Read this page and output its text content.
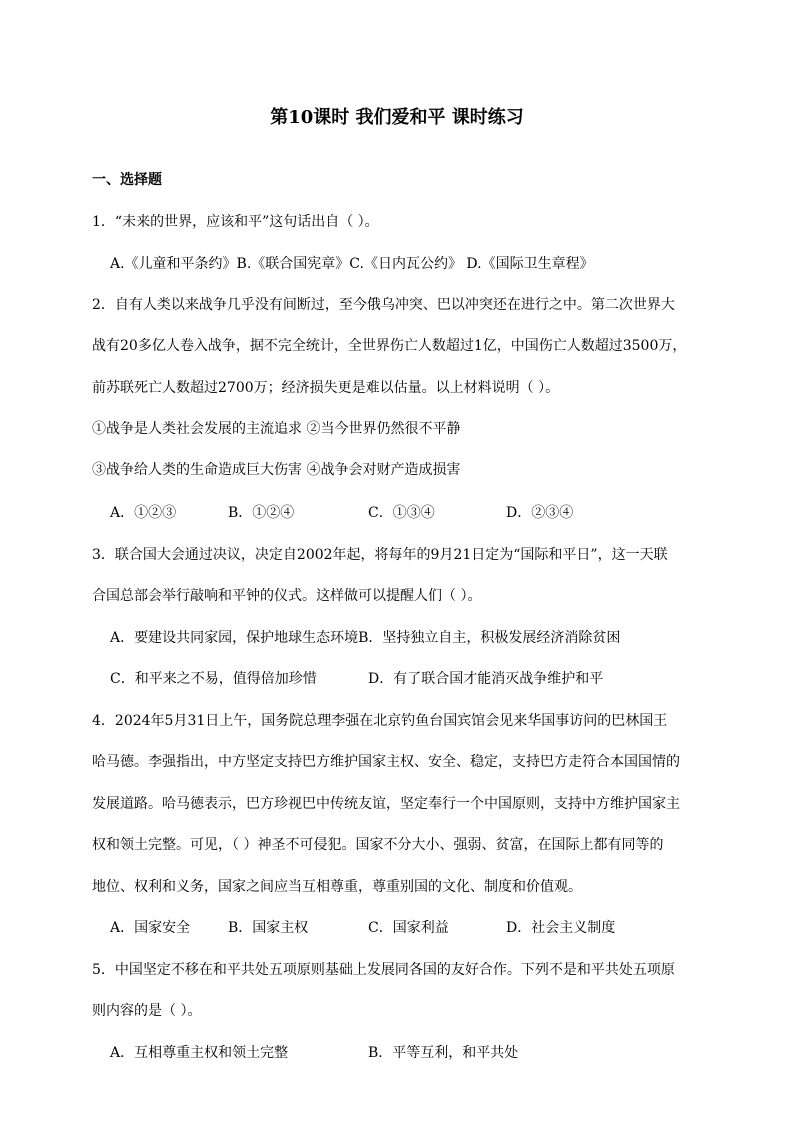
第10课时 我们爱和平 课时练习
一、选择题
1．“未来的世界，应该和平”这句话出自（ ）。
A.《儿童和平条约》B.《联合国宪章》C.《日内瓦公约》 D.《国际卫生章程》
2．自有人类以来战争几乎没有间断过，至今俄乌冲突、巴以冲突还在进行之中。第二次世界大
战有20多亿人卷入战争，据不完全统计，全世界伤亡人数超过1亿，中国伤亡人数超过3500万，
前苏联死亡人数超过2700万；经济损失更是难以估量。以上材料说明（ ）。
①战争是人类社会发展的主流追求 ②当今世界仍然很不平静
③战争给人类的生命造成巨大伤害 ④战争会对财产造成损害
A．①②③	B．①②④	C．①③④	D．②③④
3．联合国大会通过决议，决定自2002年起，将每年的9月21日定为“国际和平日”，这一天联
合国总部会举行敲响和平钟的仪式。这样做可以提醒人们（ ）。
A．要建设共同家园，保护地球生态环境B．坚持独立自主，积极发展经济消除贫困
C．和平来之不易，值得倍加珍惜	D．有了联合国才能消灭战争维护和平
4．2024年5月31日上午，国务院总理李强在北京钓鱼台国宾馆会见来华国事访问的巴林国王
哈马德。李强指出，中方坚定支持巴方维护国家主权、安全、稳定，支持巴方走符合本国国情的
发展道路。哈马德表示，巴方珍视巴中传统友谊，坚定奉行一个中国原则，支持中方维护国家主
权和领土完整。可见，（ ）神圣不可侵犯。国家不分大小、强弱、贫富，在国际上都有同等的
地位、权利和义务，国家之间应当互相尊重，尊重别国的文化、制度和价值观。
A．国家安全	B．国家主权	C．国家利益	D．社会主义制度
5．中国坚定不移在和平共处五项原则基础上发展同各国的友好合作。下列不是和平共处五项原
则内容的是（ ）。
A．互相尊重主权和领土完整	B．平等互利，和平共处
